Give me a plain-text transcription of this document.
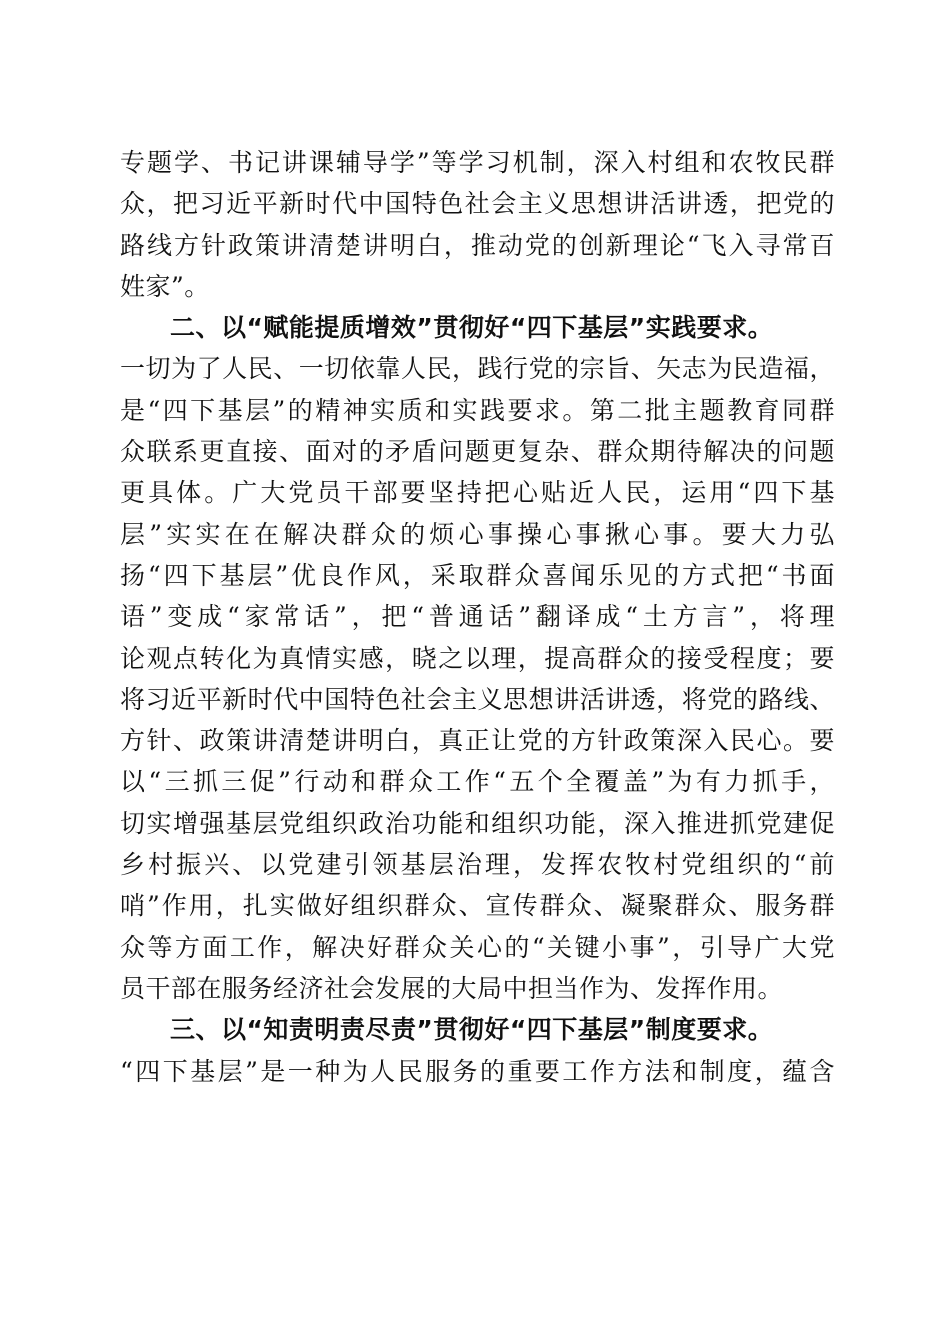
专题学、书记讲课辅导学”等学习机制，深入村组和农牧民群
众，把习近平新时代中国特色社会主义思想讲活讲透，把党的
路线方针政策讲清楚讲明白，推动党的创新理论“飞入寻常百
姓家”。
二、以“赋能提质增效”贯彻好“四下基层”实践要求。
一切为了人民、一切依靠人民，践行党的宗旨、矢志为民造福，
是“四下基层”的精神实质和实践要求。第二批主题教育同群
众联系更直接、面对的矛盾问题更复杂、群众期待解决的问题
更具体。广大党员干部要坚持把心贴近人民，运用“四下基
层”实实在在解决群众的烦心事操心事揪心事。要大力弘
扬“四下基层”优良作风，采取群众喜闻乐见的方式把“书面
语”变成“家常话”，把“普通话”翻译成“土方言”，将理
论观点转化为真情实感，晓之以理，提高群众的接受程度；要
将习近平新时代中国特色社会主义思想讲活讲透，将党的路线、
方针、政策讲清楚讲明白，真正让党的方针政策深入民心。要
以“三抓三促”行动和群众工作“五个全覆盖”为有力抓手，
切实增强基层党组织政治功能和组织功能，深入推进抓党建促
乡村振兴、以党建引领基层治理，发挥农牧村党组织的“前
哨”作用，扎实做好组织群众、宣传群众、凝聚群众、服务群
众等方面工作，解决好群众关心的“关键小事”，引导广大党
员干部在服务经济社会发展的大局中担当作为、发挥作用。
三、以“知责明责尽责”贯彻好“四下基层”制度要求。
“四下基层”是一种为人民服务的重要工作方法和制度，蕴含
